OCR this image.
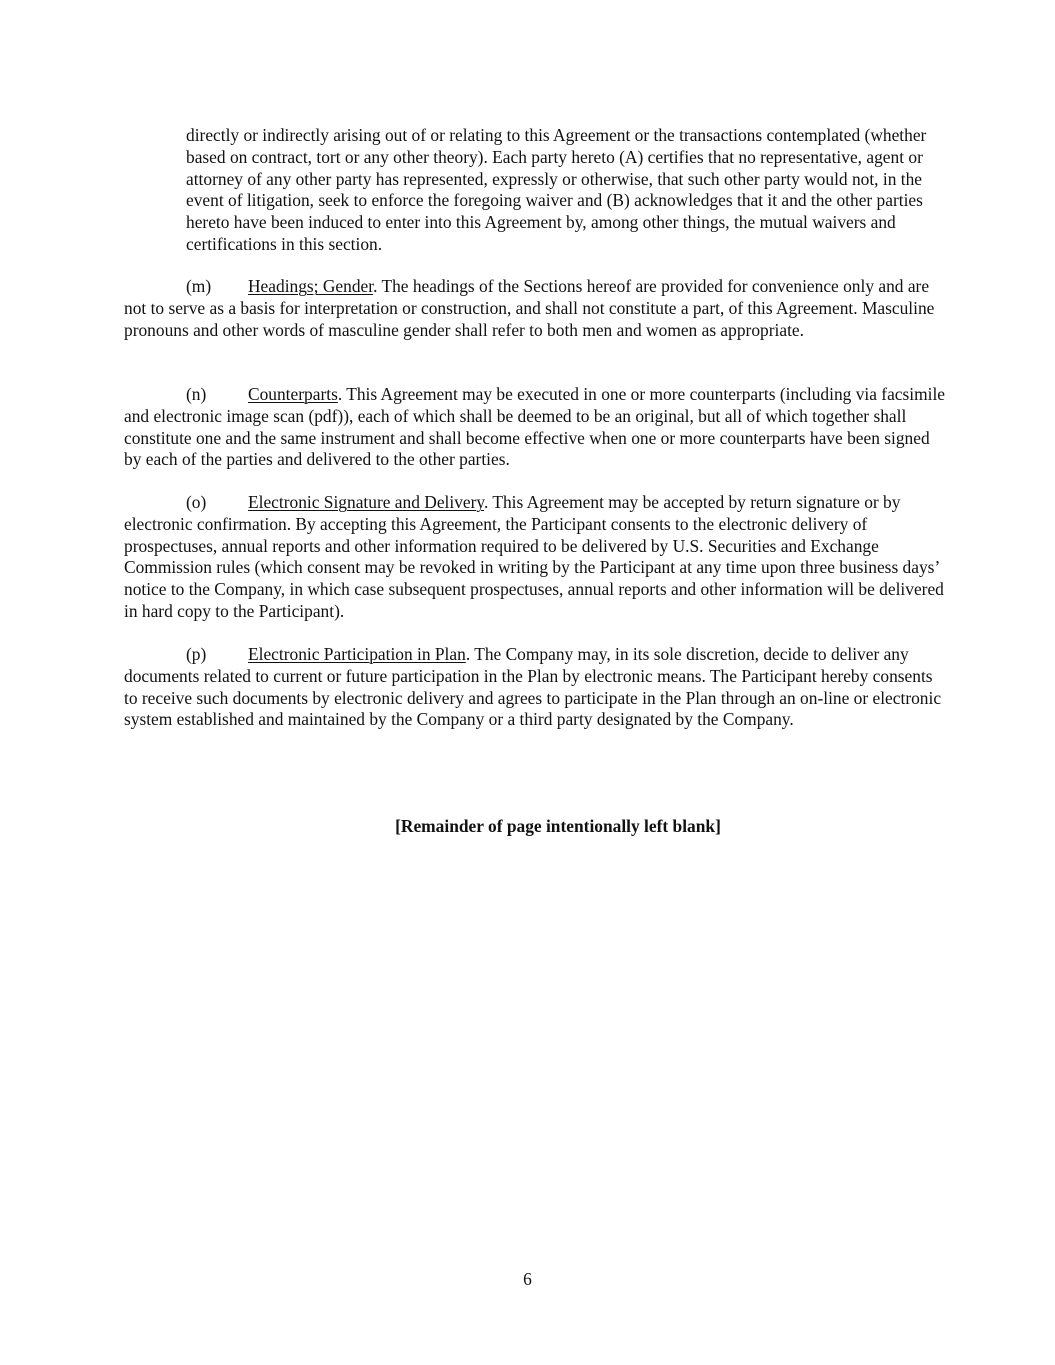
directly or indirectly arising out of or relating to this Agreement or the transactions contemplated (whether based on contract, tort or any other theory). Each party hereto (A) certifies that no representative, agent or attorney of any other party has represented, expressly or otherwise, that such other party would not, in the event of litigation, seek to enforce the foregoing waiver and (B) acknowledges that it and the other parties hereto have been induced to enter into this Agreement by, among other things, the mutual waivers and certifications in this section.

(m) Headings; Gender. The headings of the Sections hereof are provided for convenience only and are not to serve as a basis for interpretation or construction, and shall not constitute a part, of this Agreement. Masculine pronouns and other words of masculine gender shall refer to both men and women as appropriate.

(n) Counterparts. This Agreement may be executed in one or more counterparts (including via facsimile and electronic image scan (pdf)), each of which shall be deemed to be an original, but all of which together shall constitute one and the same instrument and shall become effective when one or more counterparts have been signed by each of the parties and delivered to the other parties.

(o) Electronic Signature and Delivery. This Agreement may be accepted by return signature or by electronic confirmation. By accepting this Agreement, the Participant consents to the electronic delivery of prospectuses, annual reports and other information required to be delivered by U.S. Securities and Exchange Commission rules (which consent may be revoked in writing by the Participant at any time upon three business days’ notice to the Company, in which case subsequent prospectuses, annual reports and other information will be delivered in hard copy to the Participant).

(p) Electronic Participation in Plan. The Company may, in its sole discretion, decide to deliver any documents related to current or future participation in the Plan by electronic means. The Participant hereby consents to receive such documents by electronic delivery and agrees to participate in the Plan through an on-line or electronic system established and maintained by the Company or a third party designated by the Company.

[Remainder of page intentionally left blank]

6
